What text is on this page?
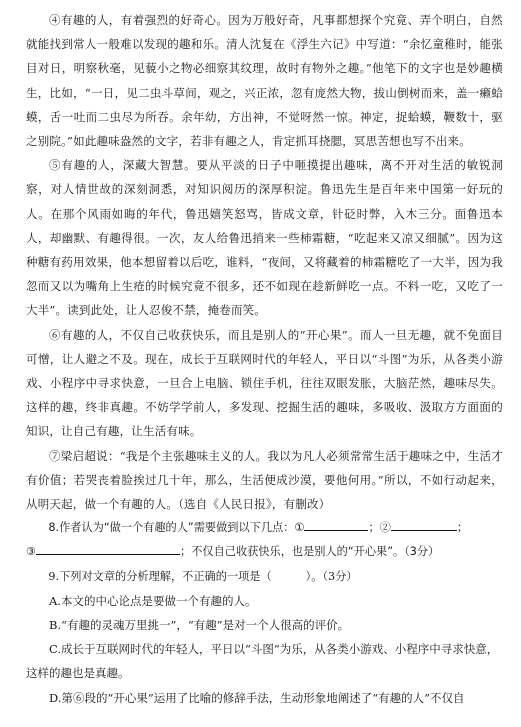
④有趣的人，有着强烈的好奇心。因为万般好奇，凡事都想探个究竟、弄个明白，自然就能找到常人一般难以发现的趣和乐。清人沈复在《浮生六记》中写道：“余忆童稚时，能张目对日，明察秋毫，见藐小之物必细察其纹理，故时有物外之趣。”他笔下的文字也是妙趣横生，比如，“一日，见二虫斗草间，观之，兴正浓，忽有庞然大物，拔山倒树而来，盖一癞蛤蟆，舌一吐而二虫尽为所吞。余年幼，方出神，不觉呀然一惊。神定，捉蛤蟆，鞭数十，驱之别院。”如此趣味盎然的文字，若非有趣之人，肯定抓耳挠腮，冥思苦想也写不出来。

⑤有趣的人，深藏大智慧。要从平淡的日子中咂摸提出趣味，离不开对生活的敏锐洞察，对人情世故的深刻洞悉，对知识阅历的深厚积淀。鲁迅先生是百年来中国第一好玩的人。在那个风雨如晦的年代，鲁迅嬉笑怒骂，皆成文章，针砭时弊，入木三分。面鲁迅本人，却幽默、有趣得很。一次，友人给鲁迅捎来一些柿霜糖，“吃起来又凉又细腻”。因为这种糖有药用效果，他本想留着以后吃，谁料，“夜间，又将藏着的柿霜糖吃了一大半，因为我忽而又以为嘴角上生疮的时候究竟不很多，还不如现在趁新鲜吃一点。不料一吃，又吃了一大半”。读到此处，让人忍俊不禁，掩卷而笑。

⑥有趣的人，不仅自己收获快乐，而且是别人的“开心果”。而人一旦无趣，就不免面目可憎，让人避之不及。现在，成长于互联网时代的年轻人，平日以“斗图”为乐，从各类小游戏、小程序中寻求快意，一旦合上电脑、锁住手机，往往双眼发胀，大脑茫然，趣味尽失。这样的趣，终非真趣。不妨学学前人，多发现、挖掘生活的趣味，多吸收、汲取方方面面的知识，让自己有趣，让生活有味。

⑦梁启超说：“我是个主张趣味主义的人。我以为凡人必须常常生活于趣味之中，生活才有价值；若哭丧着脸挨过几十年，那么，生活便成沙漠，要他何用。”所以，不如行动起来，从明天起，做一个有趣的人。（选自《人民日报》，有删改）

8.作者认为“做一个有趣的人”需要做到以下几点：①	；②	；

③	；不仅自己收获快乐，也是别人的“开心果”。（3分）

9.下列对文章的分析理解，不正确的一项是（	）。（3分）

A.本文的中心论点是要做一个有趣的人。

B.“有趣的灵魂万里挑一”，“有趣”是对一个人很高的评价。

C.成长于互联网时代的年轻人，平日以“斗图”为乐，从各类小游戏、小程序中寻求快意，这样的趣也是真趣。

D.第⑥段的“开心果”运用了比喻的修辞手法，生动形象地阐述了“有趣的人”不仅自
